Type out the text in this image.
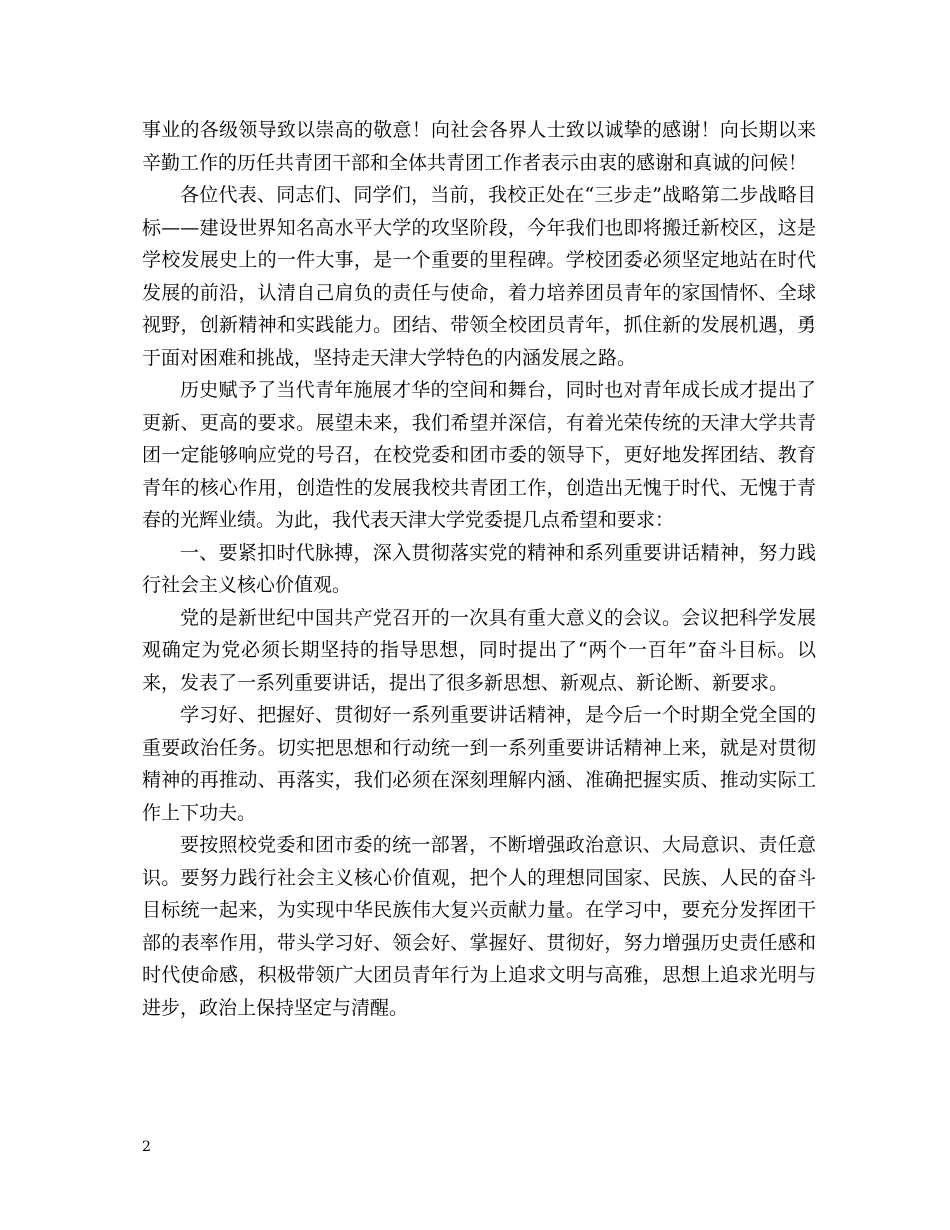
事业的各级领导致以崇高的敬意！向社会各界人士致以诚挚的感谢！向长期以来辛勤工作的历任共青团干部和全体共青团工作者表示由衷的感谢和真诚的问候！

各位代表、同志们、同学们，当前，我校正处在“三步走”战略第二步战略目标——建设世界知名高水平大学的攻坚阶段，今年我们也即将搬迁新校区，这是学校发展史上的一件大事，是一个重要的里程碑。学校团委必须坚定地站在时代发展的前沿，认清自己肩负的责任与使命，着力培养团员青年的家国情怀、全球视野，创新精神和实践能力。团结、带领全校团员青年，抓住新的发展机遇，勇于面对困难和挑战，坚持走天津大学特色的内涵发展之路。

历史赋予了当代青年施展才华的空间和舞台，同时也对青年成长成才提出了更新、更高的要求。展望未来，我们希望并深信，有着光荣传统的天津大学共青团一定能够响应党的号召，在校党委和团市委的领导下，更好地发挥团结、教育青年的核心作用，创造性的发展我校共青团工作，创造出无愧于时代、无愧于青春的光辉业绩。为此，我代表天津大学党委提几点希望和要求：

一、要紧扣时代脉搏，深入贯彻落实党的精神和系列重要讲话精神，努力践行社会主义核心价值观。

党的是新世纪中国共产党召开的一次具有重大意义的会议。会议把科学发展观确定为党必须长期坚持的指导思想，同时提出了“两个一百年”奋斗目标。以来，发表了一系列重要讲话，提出了很多新思想、新观点、新论断、新要求。

学习好、把握好、贯彻好一系列重要讲话精神，是今后一个时期全党全国的重要政治任务。切实把思想和行动统一到一系列重要讲话精神上来，就是对贯彻精神的再推动、再落实，我们必须在深刻理解内涵、准确把握实质、推动实际工作上下功夫。

要按照校党委和团市委的统一部署，不断增强政治意识、大局意识、责任意识。要努力践行社会主义核心价值观，把个人的理想同国家、民族、人民的奋斗目标统一起来，为实现中华民族伟大复兴贡献力量。在学习中，要充分发挥团干部的表率作用，带头学习好、领会好、掌握好、贯彻好，努力增强历史责任感和时代使命感，积极带领广大团员青年行为上追求文明与高雅，思想上追求光明与进步，政治上保持坚定与清醒。

2
